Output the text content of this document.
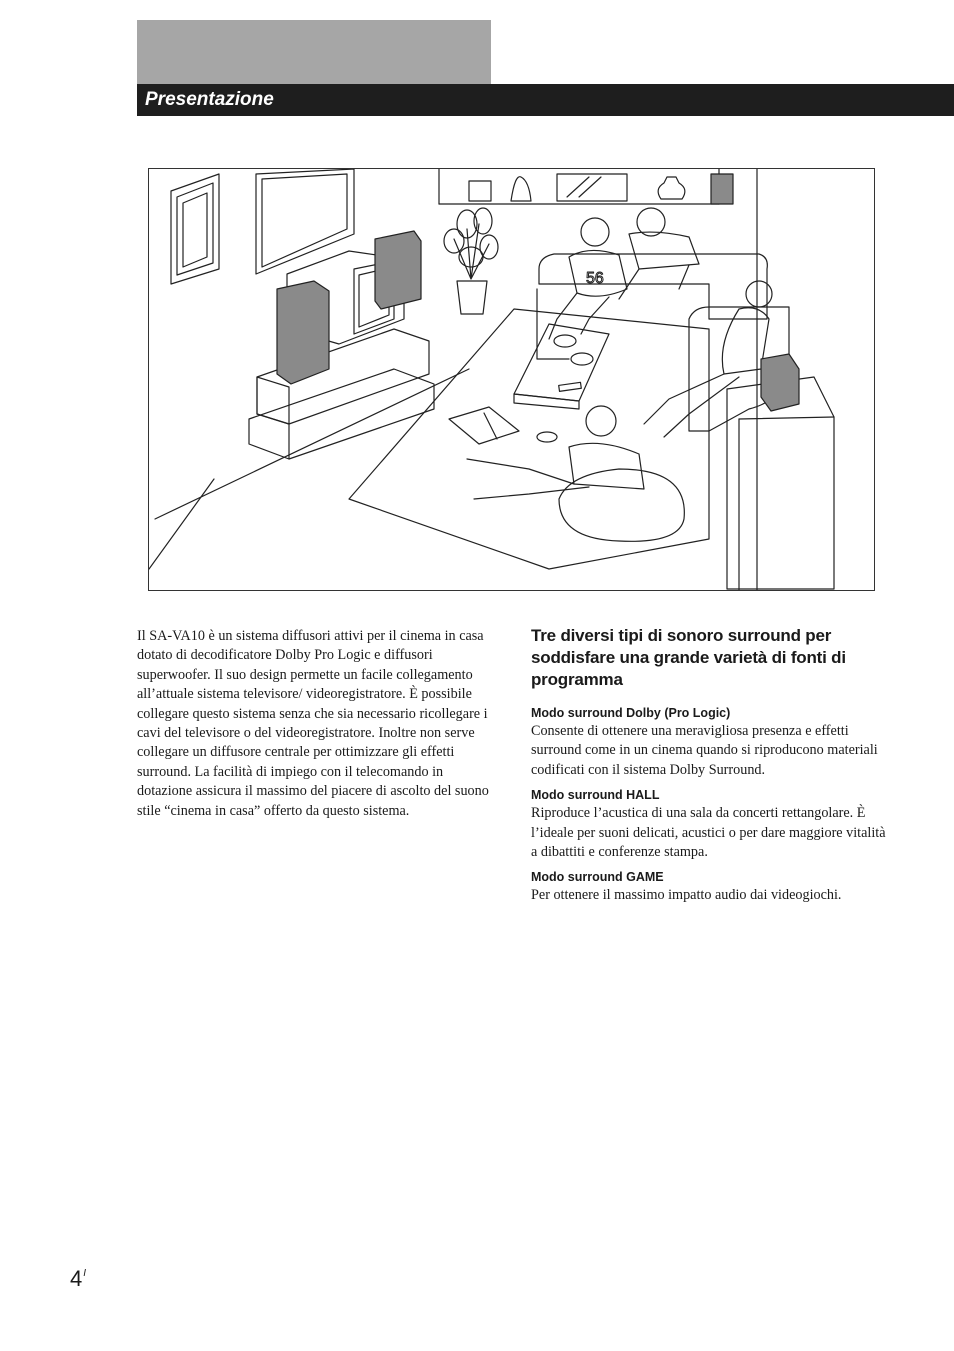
Presentazione
56

Il SA-VA10 è un sistema diffusori attivi per il cinema in casa dotato di decodificatore Dolby Pro Logic e diffusori superwoofer. Il suo design permette un facile collegamento all’attuale sistema televisore/ videoregistratore. È possibile collegare questo sistema senza che sia necessario ricollegare i cavi del televisore o del videoregistratore. Inoltre non serve collegare un diffusore centrale per ottimizzare gli effetti surround. La facilità di impiego con il telecomando in dotazione assicura il massimo del piacere di ascolto del suono stile “cinema in casa” offerto da questo sistema.

Tre diversi tipi di sonoro surround per soddisfare una grande varietà di fonti di programma

Modo surround Dolby (Pro Logic)

Consente di ottenere una meravigliosa presenza e effetti surround come in un cinema quando si riproducono materiali codificati con il sistema Dolby Surround.

Modo surround HALL

Riproduce l’acustica di una sala da concerti rettangolare. È l’ideale per suoni delicati, acustici o per dare maggiore vitalità a dibattiti e conferenze stampa.

Modo surround GAME

Per ottenere il massimo impatto audio dai videogiochi.

$4^I$
